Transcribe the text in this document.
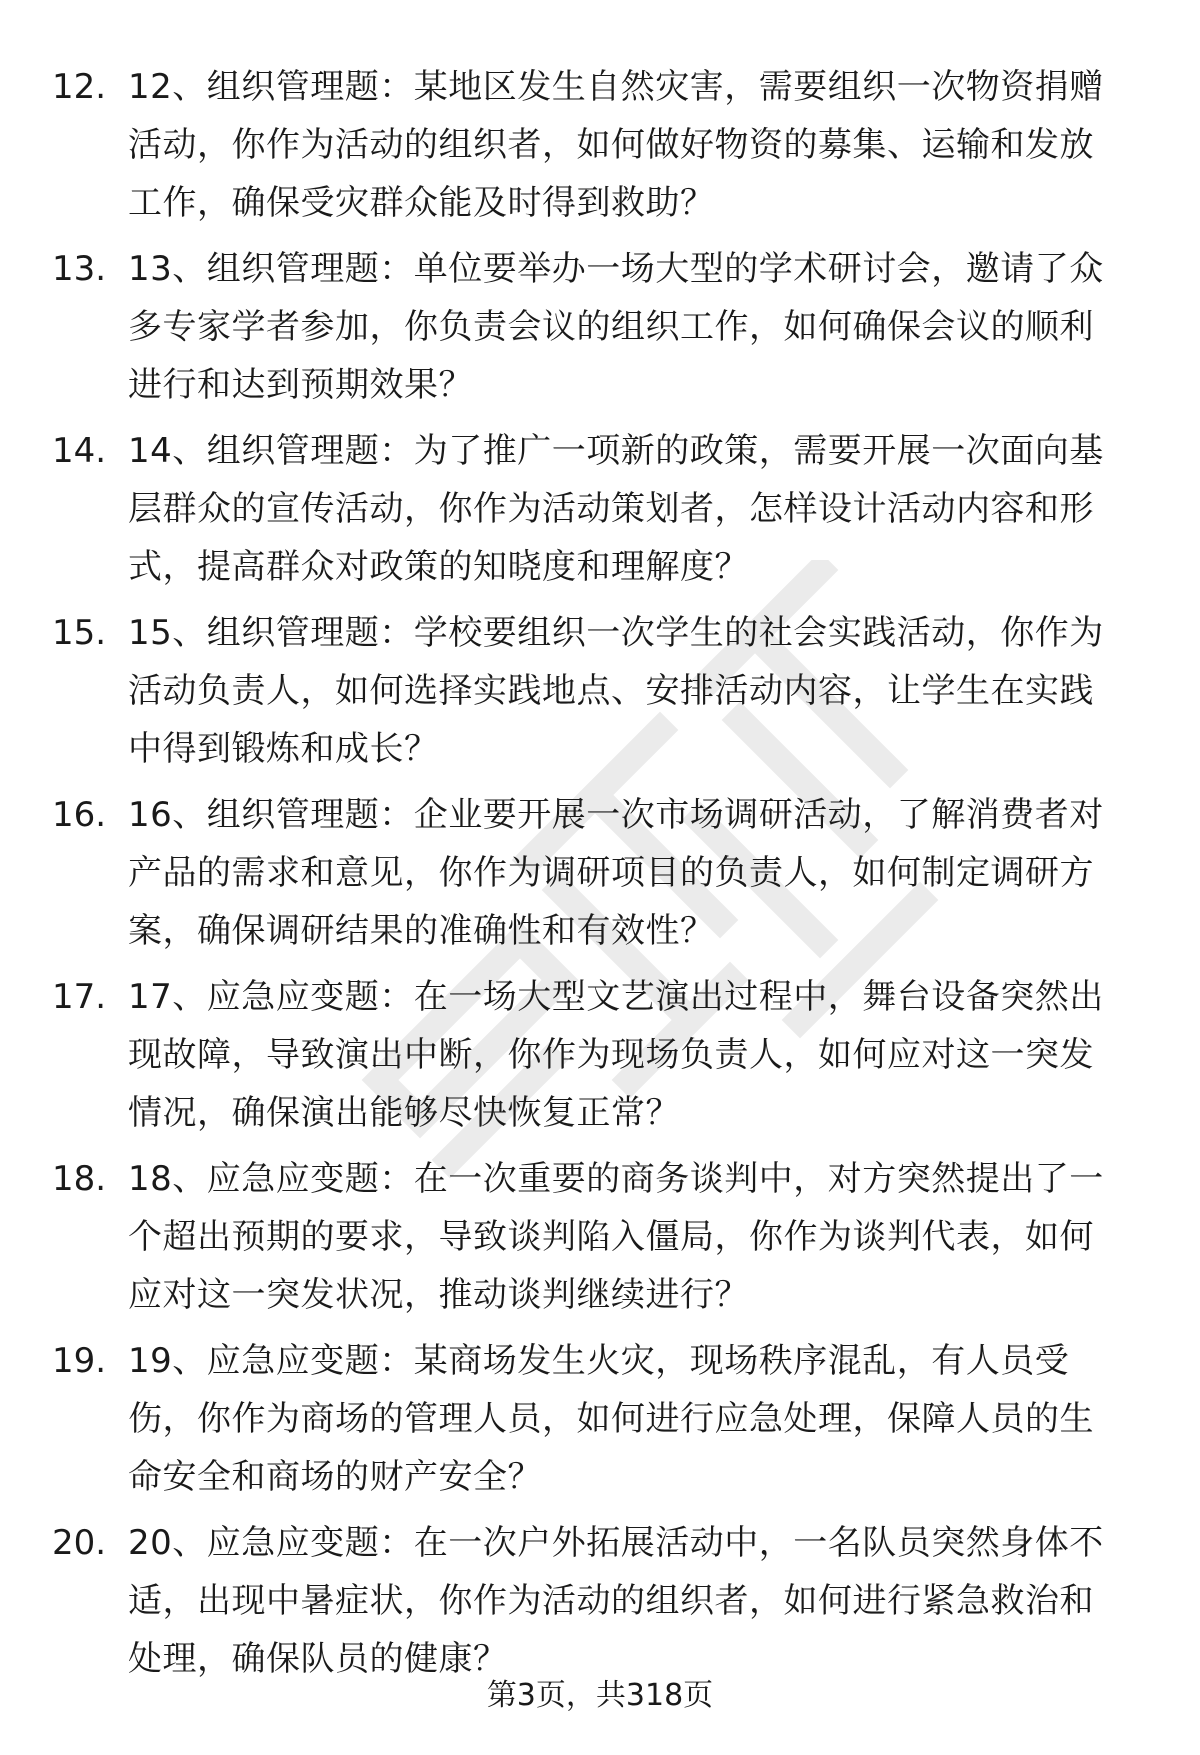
12. 12、组织管理题：某地区发生自然灾害，需要组织一次物资捐赠活动，你作为活动的组织者，如何做好物资的募集、运输和发放工作，确保受灾群众能及时得到救助？
13. 13、组织管理题：单位要举办一场大型的学术研讨会，邀请了众多专家学者参加，你负责会议的组织工作，如何确保会议的顺利进行和达到预期效果？
14. 14、组织管理题：为了推广一项新的政策，需要开展一次面向基层群众的宣传活动，你作为活动策划者，怎样设计活动内容和形式，提高群众对政策的知晓度和理解度？
15. 15、组织管理题：学校要组织一次学生的社会实践活动，你作为活动负责人，如何选择实践地点、安排活动内容，让学生在实践中得到锻炼和成长？
16. 16、组织管理题：企业要开展一次市场调研活动，了解消费者对产品的需求和意见，你作为调研项目的负责人，如何制定调研方案，确保调研结果的准确性和有效性？
17. 17、应急应变题：在一场大型文艺演出过程中，舞台设备突然出现故障，导致演出中断，你作为现场负责人，如何应对这一突发情况，确保演出能够尽快恢复正常？
18. 18、应急应变题：在一次重要的商务谈判中，对方突然提出了一个超出预期的要求，导致谈判陷入僵局，你作为谈判代表，如何应对这一突发状况，推动谈判继续进行？
19. 19、应急应变题：某商场发生火灾，现场秩序混乱，有人员受伤，你作为商场的管理人员，如何进行应急处理，保障人员的生命安全和商场的财产安全？
20. 20、应急应变题：在一次户外拓展活动中，一名队员突然身体不适，出现中暑症状，你作为活动的组织者，如何进行紧急救治和处理，确保队员的健康？
第3页，共318页
